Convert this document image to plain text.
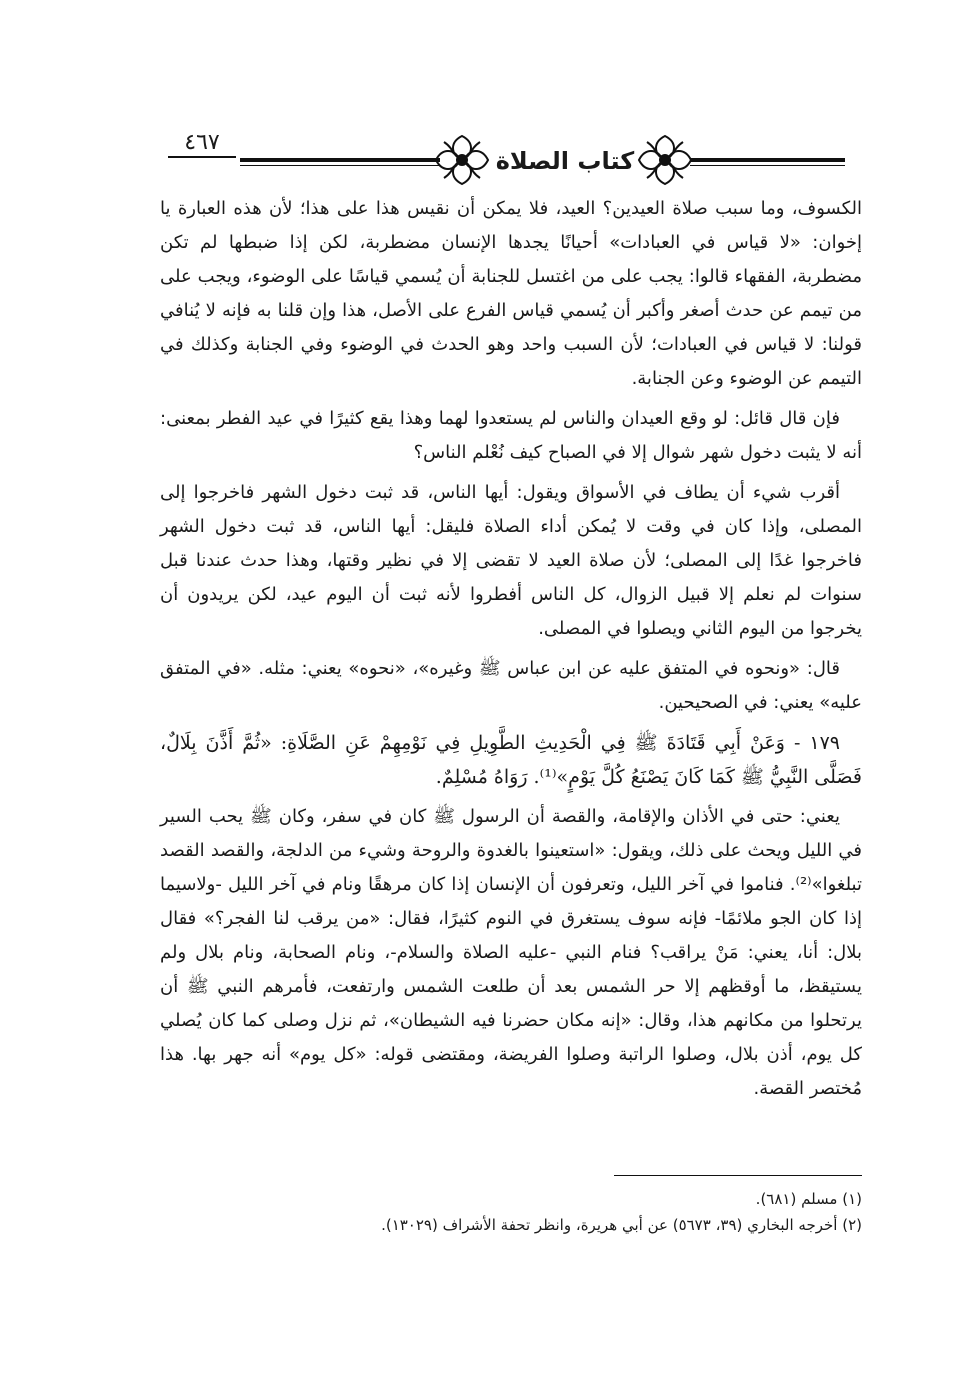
٤٦٧
كتاب الصلاة

الكسوف، وما سبب صلاة العيدين؟ العيد، فلا يمكن أن نقيس هذا على هذا؛ لأن هذه العبارة يا إخوان: «لا قياس في العبادات» أحيانًا يجدها الإنسان مضطربة، لكن إذا ضبطها لم تكن مضطربة، الفقهاء قالوا: يجب على من اغتسل للجنابة أن يُسمي قياسًا على الوضوء، ويجب على من تيمم عن حدث أصغر وأكبر أن يُسمي قياس الفرع على الأصل، هذا وإن قلنا به فإنه لا يُنافي قولنا: لا قياس في العبادات؛ لأن السبب واحد وهو الحدث في الوضوء وفي الجنابة وكذلك في التيمم عن الوضوء وعن الجنابة.

فإن قال قائل: لو وقع العيدان والناس لم يستعدوا لهما وهذا يقع كثيرًا في عيد الفطر بمعنى: أنه لا يثبت دخول شهر شوال إلا في الصباح كيف نُعْلم الناس؟

أقرب شيء أن يطاف في الأسواق ويقول: أيها الناس، قد ثبت دخول الشهر فاخرجوا إلى المصلى، وإذا كان في وقت لا يُمكن أداء الصلاة فليقل: أيها الناس، قد ثبت دخول الشهر فاخرجوا غدًا إلى المصلى؛ لأن صلاة العيد لا تقضى إلا في نظير وقتها، وهذا حدث عندنا قبل سنوات لم نعلم إلا قبيل الزوال، كل الناس أفطروا لأنه ثبت أن اليوم عيد، لكن يريدون أن يخرجوا من اليوم الثاني ويصلوا في المصلى.

قال: «ونحوه في المتفق عليه عن ابن عباس ﷺ وغيره»، «نحوه» يعني: مثله. «في المتفق عليه» يعني: في الصحيحين.

١٧٩ - وَعَنْ أَبِي قَتَادَةَ ﷺ فِي الْحَدِيثِ الطَّوِيلِ فِي نَوْمِهِمْ عَنِ الصَّلَاةِ: «ثُمَّ أَذَّنَ بِلَالٌ، فَصَلَّى النَّبِيُّ ﷺ كَمَا كَانَ يَصْنَعُ كُلَّ يَوْمٍ»⁽¹⁾. رَوَاهُ مُسْلِمٌ.

يعني: حتى في الأذان والإقامة، والقصة أن الرسول ﷺ كان في سفر، وكان ﷺ يحب السير في الليل ويحث على ذلك، ويقول: «استعينوا بالغدوة والروحة وشيء من الدلجة، والقصد القصد تبلغوا»⁽²⁾. فناموا في آخر الليل، وتعرفون أن الإنسان إذا كان مرهقًا ونام في آخر الليل -ولاسيما إذا كان الجو ملائمًا- فإنه سوف يستغرق في النوم كثيرًا، فقال: «من يرقب لنا الفجر؟» فقال بلال: أنا، يعني: مَنْ يراقب؟ فنام النبي -عليه الصلاة والسلام-، ونام الصحابة، ونام بلال ولم يستيقظ، ما أوقظهم إلا حر الشمس بعد أن طلعت الشمس وارتفعت، فأمرهم النبي ﷺ أن يرتحلوا من مكانهم هذا، وقال: «إنه مكان حضرنا فيه الشيطان»، ثم نزل وصلى كما كان يُصلي كل يوم، أذن بلال، وصلوا الراتبة وصلوا الفريضة، ومقتضى قوله: «كل يوم» أنه جهر بها. هذا مُختصر القصة.

(١) مسلم (٦٨١).
(٢) أخرجه البخاري (٣٩، ٥٦٧٣) عن أبي هريرة، وانظر تحفة الأشراف (١٣٠٢٩).
